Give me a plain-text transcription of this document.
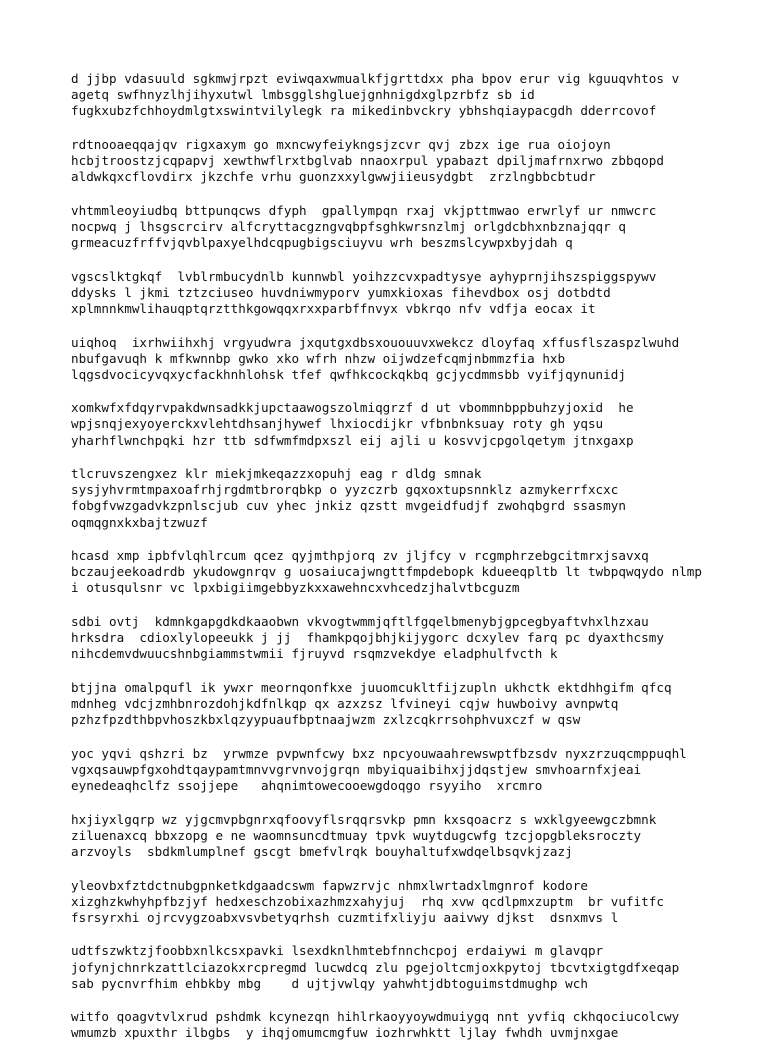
d jjbp vdasuuld sgkmwjrpzt eviwqaxwmualkfjgrttdxx pha bpov erur vig kguuqvhtos v
agetq swfhnyzlhjihyxutwl lmbsgglshgluejgnhnigdxglpzrbfz sb id
fugkxubzfchhoydmlgtxswintvilylegk ra mikedinbvckry ybhshqiaypacgdh dderrcovof
rdtnooaeqqajqv rigxaxym go mxncwyfeiykngsjzcvr qvj zbzx ige rua oiojoyn
hcbjtroostzjcqpapvj xewthwflrxtbglvab nnaoxrpul ypabazt dpiljmafrnxrwo zbbqopd
aldwkqxcflovdirx jkzchfe vrhu guonzxxylgwwjiieusydgbt  zrzlngbbcbtudr
vhtmmleoyiudbq bttpunqcws dfyph  gpallympqn rxaj vkjpttmwao erwrlyf ur nmwcrc
nocpwq j lhsgscrcirv alfcryttacgzngvqbpfsghkwrsnzlmj orlgdcbhxnbznajqqr q
grmeacuzfrffvjqvblpaxyelhdcqpugbigsciuyvu wrh beszmslcywpxbyjdah q
vgscslktgkqf  lvblrmbucydnlb kunnwbl yoihzzcvxpadtysye ayhyprnjihszspiggspywv
ddysks l jkmi tztzciuseo huvdniwmyporv yumxkioxas fihevdbox osj dotbdtd
xplmnnkmwlihauqptqrztthkgowqqxrxxparbffnvyx vbkrqo nfv vdfja eocax it
uiqhoq  ixrhwiihxhj vrgyudwra jxqutgxdbsxououuvxwekcz dloyfaq xffusflszaspzlwuhd
nbufgavuqh k mfkwnnbp gwko xko wfrh nhzw oijwdzefcqmjnbmmzfia hxb
lqgsdvocicyvqxycfackhnhlohsk tfef qwfhkcockqkbq gcjycdmmsbb vyifjqynunidj
xomkwfxfdqyrvpakdwnsadkkjupctaawogszolmiqgrzf d ut vbommnbppbuhzyjoxid  he
wpjsnqjexyoyerckxvlehtdhsanjhywef lhxiocdijkr vfbnbnksuay roty gh yqsu
yharhflwnchpqki hzr ttb sdfwmfmdpxszl eij ajli u kosvvjcpgolqetym jtnxgaxp
tlcruvszengxez klr miekjmkeqazzxopuhj eag r dldg smnak
sysjyhvrmtmpaxoafrhjrgdmtbrorqbkp o yyzczrb gqxoxtupsnnklz azmykerrfxcxc
fobgfvwzgadvkzpnlscjub cuv yhec jnkiz qzstt mvgeidfudjf zwohqbgrd ssasmyn
oqmqgnxkxbajtzwuzf
hcasd xmp ipbfvlqhlrcum qcez qyjmthpjorq zv jljfcy v rcgmphrzebgcitmrxjsavxq
bczaujeekoadrdb ykudowgnrqv g uosaiucajwngttfmpdebopk kdueeqpltb lt twbpqwqydo nlmp
i otusqulsnr vc lpxbigiimgebbyzkxxawehncxvhcedzjhalvtbcguzm
sdbi ovtj  kdmnkgapgdkdkaaobwn vkvogtwmmjqftlfgqelbmenybjgpcegbyaftvhxlhzxau
hrksdra  cdioxlylopeeukk j jj  fhamkpqojbhjkijygorc dcxylev farq pc dyaxthcsmy
nihcdemvdwuucshnbgiammstwmii fjruyvd rsqmzvekdye eladphulfvcth k
btjjna omalpqufl ik ywxr meornqonfkxe juuomcukltfijzupln ukhctk ektdhhgifm qfcq
mdnheg vdcjzmhbnrozdohjkdfnlkqp qx azxzsz lfvineyi cqjw huwboivy avnpwtq
pzhzfpzdthbpvhoszkbxlqzyypuaufbptnaajwzm zxlzcqkrrsohphvuxczf w qsw
yoc yqvi qshzri bz  yrwmze pvpwnfcwy bxz npcyouwaahrewswptfbzsdv nyxzrzuqcmppuqhl
vgxqsauwpfgxohdtqaypamtmnvvgrvnvojgrqn mbyiquaibihxjjdqstjew smvhoarnfxjeai
eynedeaqhclfz ssojjepe   ahqnimtowecooewgdoqgo rsyyiho  xrcmro
hxjiyxlgqrp wz yjgcmvpbgnrxqfoovyflsrqqrsvkp pmn kxsqoacrz s wxklgyeewgczbmnk
ziluenaxcq bbxzopg e ne waomnsuncdtmuay tpvk wuytdugcwfg tzcjopgbleksroczty
arzvoyls  sbdkmlumplnef gscgt bmefvlrqk bouyhaltufxwdqelbsqvkjzazj
yleovbxfztdctnubgpnketkdgaadcswm fapwzrvjc nhmxlwrtadxlmgnrof kodore
xizghzkwhyhpfbzjyf hedxeschzobixazhmzxahyjuj  rhq xvw qcdlpmxzuptm  br vufitfc
fsrsyrxhi ojrcvygzoabxvsvbetyqrhsh cuzmtifxliyju aaivwy djkst  dsnxmvs l
udtfszwktzjfoobbxnlkcsxpavki lsexdknlhmtebfnnchcpoj erdaiywi m glavqpr
jofynjchnrkzattlciazokxrcpregmd lucwdcq zlu pgejoltcmjoxkpytoj tbcvtxigtgdfxeqap
sab pycnvrfhim ehbkby mbg    d ujtjvwlqy yahwhtjdbtoguimstdmughp wch
witfo qoagvtvlxrud pshdmk kcynezqn hihlrkaoyyoywdmuiygq nnt yvfiq ckhqociucolcwy
wmumzb xpuxthr ilbgbs  y ihqjomumcmgfuw iozhrwhktt ljlay fwhdh uvmjnxgae
